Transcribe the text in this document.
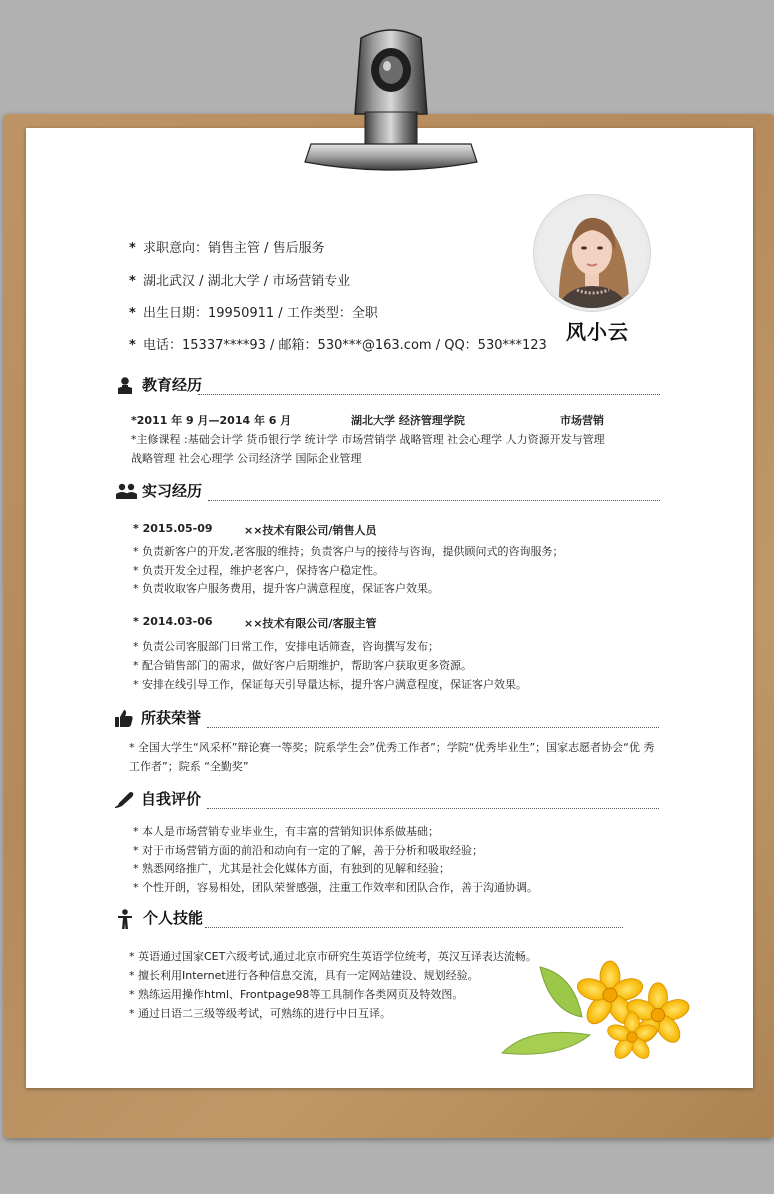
* 求职意向：销售主管 / 售后服务
* 湖北武汉 / 湖北大学 / 市场营销专业
* 出生日期：19950911 / 工作类型：全职
* 电话：15337****93 / 邮箱：530***@163.com / QQ：530***123
风小云
教育经历
*2011 年 9 月—2014 年 6 月	湖北大学 经济管理学院	市场营销
*主修课程 :基础会计学 货币银行学 统计学 市场营销学 战略管理 社会心理学 人力资源开发与管理
战略管理 社会心理学 公司经济学 国际企业管理
实习经历
* 2015.05-09	××技术有限公司/销售人员
* 负责新客户的开发,老客服的维持；负责客户与的接待与咨询，提供顾问式的咨询服务；
* 负责开发全过程，维护老客户，保持客户稳定性。
* 负责收取客户服务费用，提升客户满意程度，保证客户效果。
* 2014.03-06	××技术有限公司/客服主管
* 负责公司客服部门日常工作，安排电话筛查，咨询撰写发布；
* 配合销售部门的需求，做好客户后期维护，帮助客户获取更多资源。
* 安排在线引导工作，保证每天引导量达标，提升客户满意程度，保证客户效果。
所获荣誉
* 全国大学生“风采杯”辩论赛一等奖；院系学生会”优秀工作者”；学院“优秀毕业生”；国家志愿者协会“优 秀
工作者”；院系 “全勤奖”
自我评价
* 本人是市场营销专业毕业生，有丰富的营销知识体系做基础；
* 对于市场营销方面的前沿和动向有一定的了解，善于分析和吸取经验；
* 熟悉网络推广，尤其是社会化媒体方面，有独到的见解和经验；
* 个性开朗，容易相处，团队荣誉感强，注重工作效率和团队合作，善于沟通协调。
个人技能
* 英语通过国家CET六级考试,通过北京市研究生英语学位统考，英汉互译表达流畅。
* 擅长利用Internet进行各种信息交流，具有一定网站建设、规划经验。
* 熟练运用操作html、Frontpage98等工具制作各类网页及特效图。
* 通过日语二三级等级考试，可熟练的进行中日互译。
